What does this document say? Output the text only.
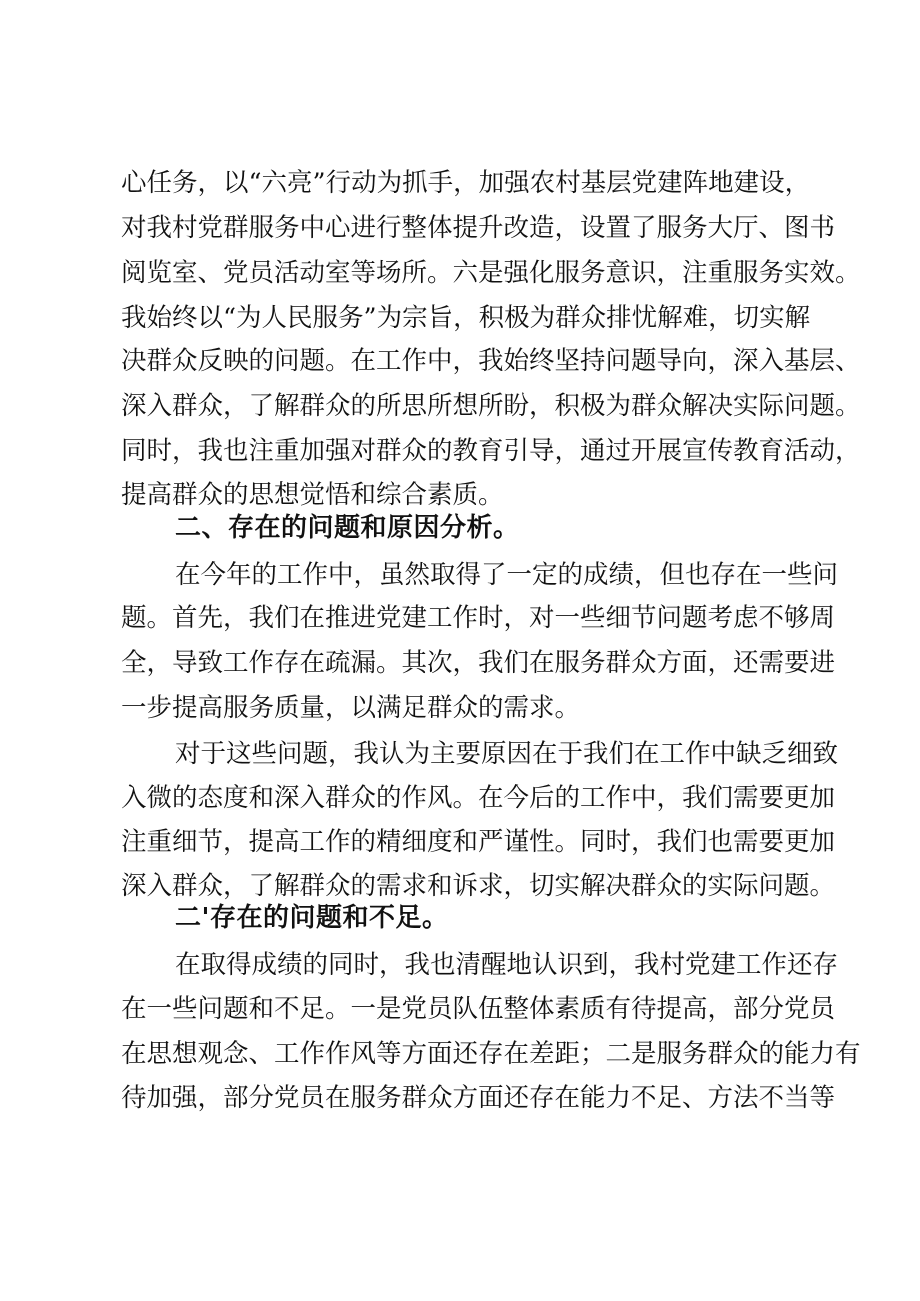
心任务，以“六亮”行动为抓手，加强农村基层党建阵地建设，
对我村党群服务中心进行整体提升改造，设置了服务大厅、图书
阅览室、党员活动室等场所。六是强化服务意识，注重服务实效。
我始终以“为人民服务”为宗旨，积极为群众排忧解难，切实解
决群众反映的问题。在工作中，我始终坚持问题导向，深入基层、
深入群众，了解群众的所思所想所盼，积极为群众解决实际问题。
同时，我也注重加强对群众的教育引导，通过开展宣传教育活动，
提高群众的思想觉悟和综合素质。
二、存在的问题和原因分析。
在今年的工作中，虽然取得了一定的成绩，但也存在一些问
题。首先，我们在推进党建工作时，对一些细节问题考虑不够周
全，导致工作存在疏漏。其次，我们在服务群众方面，还需要进
一步提高服务质量，以满足群众的需求。
对于这些问题，我认为主要原因在于我们在工作中缺乏细致
入微的态度和深入群众的作风。在今后的工作中，我们需要更加
注重细节，提高工作的精细度和严谨性。同时，我们也需要更加
深入群众，了解群众的需求和诉求，切实解决群众的实际问题。
二'存在的问题和不足。
在取得成绩的同时，我也清醒地认识到，我村党建工作还存
在一些问题和不足。一是党员队伍整体素质有待提高，部分党员
在思想观念、工作作风等方面还存在差距；二是服务群众的能力有
待加强，部分党员在服务群众方面还存在能力不足、方法不当等
